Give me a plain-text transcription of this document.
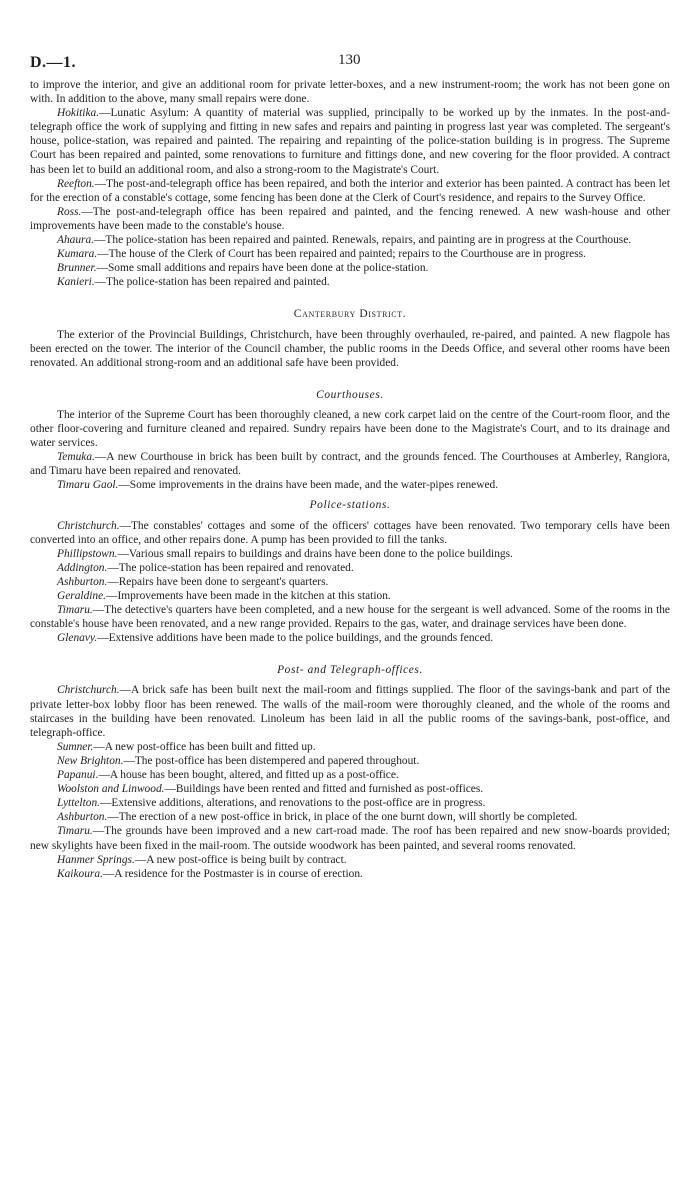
D.—1.	130

to improve the interior, and give an additional room for private letter-boxes, and a new instrument-room; the work has not been gone on with. In addition to the above, many small repairs were done.

Hokitika.—Lunatic Asylum: A quantity of material was supplied, principally to be worked up by the inmates. In the post-and-telegraph office the work of supplying and fitting in new safes and repairs and painting in progress last year was completed. The sergeant's house, police-station, was repaired and painted. The repairing and repainting of the police-station building is in progress. The Supreme Court has been repaired and painted, some renovations to furniture and fittings done, and new covering for the floor provided. A contract has been let to build an additional room, and also a strong-room to the Magistrate's Court.

Reefton.—The post-and-telegraph office has been repaired, and both the interior and exterior has been painted. A contract has been let for the erection of a constable's cottage, some fencing has been done at the Clerk of Court's residence, and repairs to the Survey Office.

Ross.—The post-and-telegraph office has been repaired and painted, and the fencing renewed. A new wash-house and other improvements have been made to the constable's house.

Ahaura.—The police-station has been repaired and painted. Renewals, repairs, and painting are in progress at the Courthouse.

Kumara.—The house of the Clerk of Court has been repaired and painted; repairs to the Courthouse are in progress.

Brunner.—Some small additions and repairs have been done at the police-station.

Kanieri.—The police-station has been repaired and painted.

Canterbury District.

The exterior of the Provincial Buildings, Christchurch, have been throughly overhauled, re-paired, and painted. A new flagpole has been erected on the tower. The interior of the Council chamber, the public rooms in the Deeds Office, and several other rooms have been renovated. An additional strong-room and an additional safe have been provided.

Courthouses.

The interior of the Supreme Court has been thoroughly cleaned, a new cork carpet laid on the centre of the Court-room floor, and the other floor-covering and furniture cleaned and repaired. Sundry repairs have been done to the Magistrate's Court, and to its drainage and water services.

Temuka.—A new Courthouse in brick has been built by contract, and the grounds fenced. The Courthouses at Amberley, Rangiora, and Timaru have been repaired and renovated.

Timaru Gaol.—Some improvements in the drains have been made, and the water-pipes renewed.

Police-stations.

Christchurch.—The constables' cottages and some of the officers' cottages have been renovated. Two temporary cells have been converted into an office, and other repairs done. A pump has been provided to fill the tanks.

Phillipstown.—Various small repairs to buildings and drains have been done to the police buildings.

Addington.—The police-station has been repaired and renovated.

Ashburton.—Repairs have been done to sergeant's quarters.

Geraldine.—Improvements have been made in the kitchen at this station.

Timaru.—The detective's quarters have been completed, and a new house for the sergeant is well advanced. Some of the rooms in the constable's house have been renovated, and a new range provided. Repairs to the gas, water, and drainage services have been done.

Glenavy.—Extensive additions have been made to the police buildings, and the grounds fenced.

Post- and Telegraph-offices.

Christchurch.—A brick safe has been built next the mail-room and fittings supplied. The floor of the savings-bank and part of the private letter-box lobby floor has been renewed. The walls of the mail-room were thoroughly cleaned, and the whole of the rooms and staircases in the building have been renovated. Linoleum has been laid in all the public rooms of the savings-bank, post-office, and telegraph-office.

Sumner.—A new post-office has been built and fitted up.

New Brighton.—The post-office has been distempered and papered throughout.

Papanui.—A house has been bought, altered, and fitted up as a post-office.

Woolston and Linwood.—Buildings have been rented and fitted and furnished as post-offices.

Lyttelton.—Extensive additions, alterations, and renovations to the post-office are in progress.

Ashburton.—The erection of a new post-office in brick, in place of the one burnt down, will shortly be completed.

Timaru.—The grounds have been improved and a new cart-road made. The roof has been repaired and new snow-boards provided; new skylights have been fixed in the mail-room. The outside woodwork has been painted, and several rooms renovated.

Hanmer Springs.—A new post-office is being built by contract.

Kaikoura.—A residence for the Postmaster is in course of erection.
